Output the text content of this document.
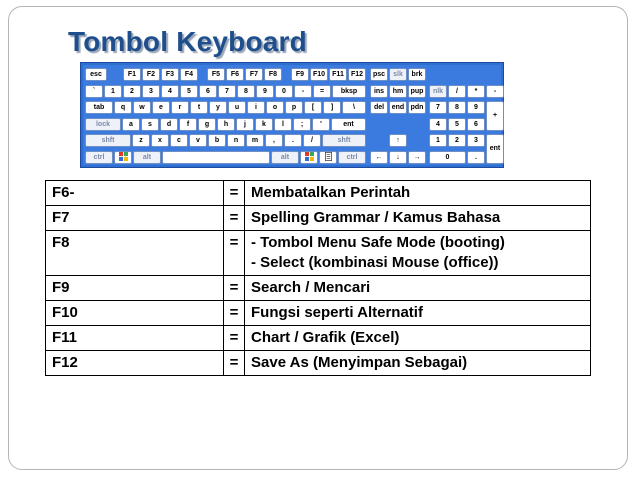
Tombol Keyboard
esc	F1	F2	F3	F4	F5	F6	F7	F8	F9	F10	F11	F12	psc	slk	brk
`	1	2	3	4	5	6	7	8	9	0	-	=	bksp	ins	hm	pup	nlk	/	*	-
tab	q	w	e	r	t	y	u	i	o	p	[	]	\	del	end pdn	7	8	9
lock	a	s	d	f	g	h	j	k	l	;	'	ent	4	5	6
shft	z	x	c	v	b	n	m	,	.	/	shft	↑	1	2	3
ctrl	alt	alt	ctrl	←	↓	→	0	.
+
ent
F6-	=	Membatalkan Perintah

F7	=	Spelling Grammar / Kamus Bahasa

F8	=	- Tombol Menu Safe Mode (booting)
- Select (kombinasi Mouse (office))

F9	=	Search / Mencari

F10	=	Fungsi seperti Alternatif

F11	=	Chart / Grafik (Excel)

F12	=	Save As (Menyimpan Sebagai)
